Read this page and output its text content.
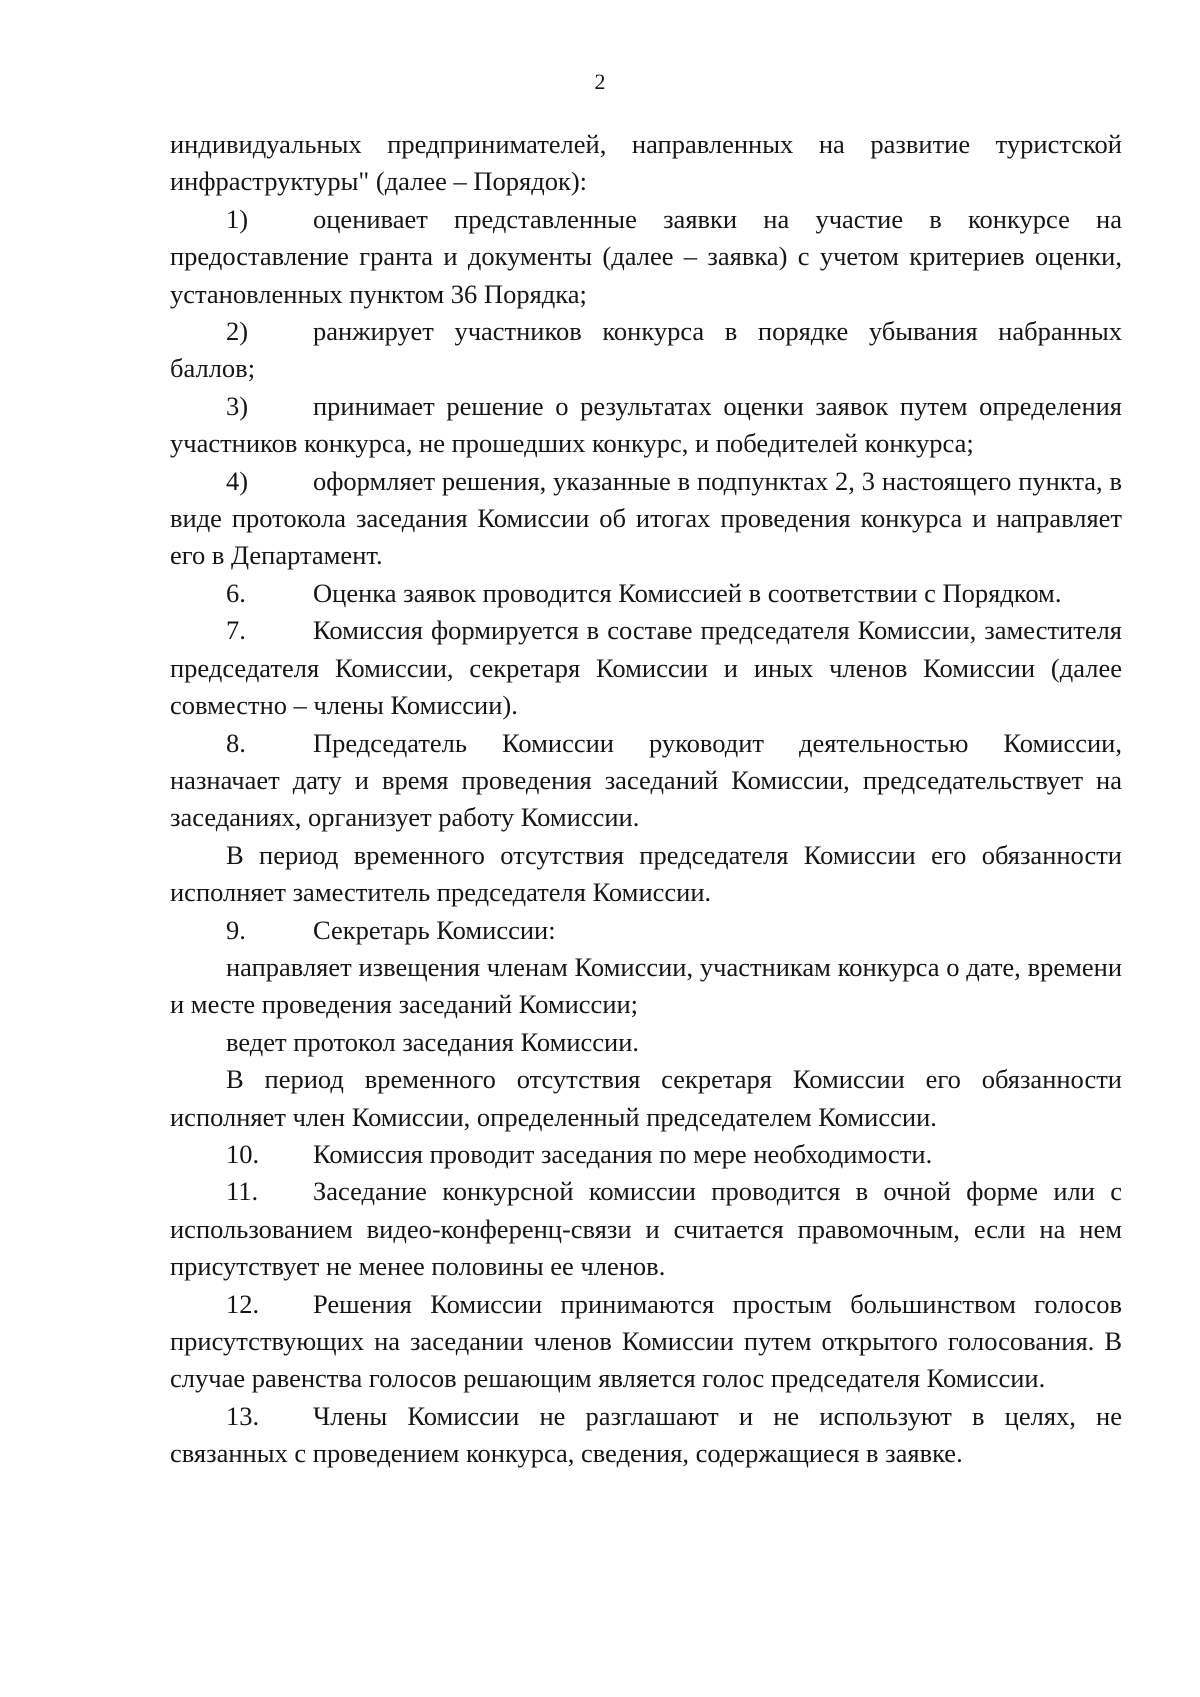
2

индивидуальных предпринимателей, направленных на развитие туристской инфраструктуры" (далее – Порядок):

1) оценивает представленные заявки на участие в конкурсе на предоставление гранта и документы (далее – заявка) с учетом критериев оценки, установленных пунктом 36 Порядка;

2) ранжирует участников конкурса в порядке убывания набранных баллов;

3) принимает решение о результатах оценки заявок путем определения участников конкурса, не прошедших конкурс, и победителей конкурса;

4) оформляет решения, указанные в подпунктах 2, 3 настоящего пункта, в виде протокола заседания Комиссии об итогах проведения конкурса и направляет его в Департамент.

6.	Оценка заявок проводится Комиссией в соответствии с Порядком.

7.	Комиссия формируется в составе председателя Комиссии, заместителя председателя Комиссии, секретаря Комиссии и иных членов Комиссии (далее совместно – члены Комиссии).

8.	Председатель Комиссии руководит деятельностью Комиссии, назначает дату и время проведения заседаний Комиссии, председательствует на заседаниях, организует работу Комиссии.

В период временного отсутствия председателя Комиссии его обязанности исполняет заместитель председателя Комиссии.

9.	Секретарь Комиссии:

направляет извещения членам Комиссии, участникам конкурса о дате, времени и месте проведения заседаний Комиссии;

ведет протокол заседания Комиссии.

В период временного отсутствия секретаря Комиссии его обязанности исполняет член Комиссии, определенный председателем Комиссии.

10. Комиссия проводит заседания по мере необходимости.

11. Заседание конкурсной комиссии проводится в очной форме или с использованием видео-конференц-связи и считается правомочным, если на нем присутствует не менее половины ее членов.

12. Решения Комиссии принимаются простым большинством голосов присутствующих на заседании членов Комиссии путем открытого голосования. В случае равенства голосов решающим является голос председателя Комиссии.

13. Члены Комиссии не разглашают и не используют в целях, не связанных с проведением конкурса, сведения, содержащиеся в заявке.
